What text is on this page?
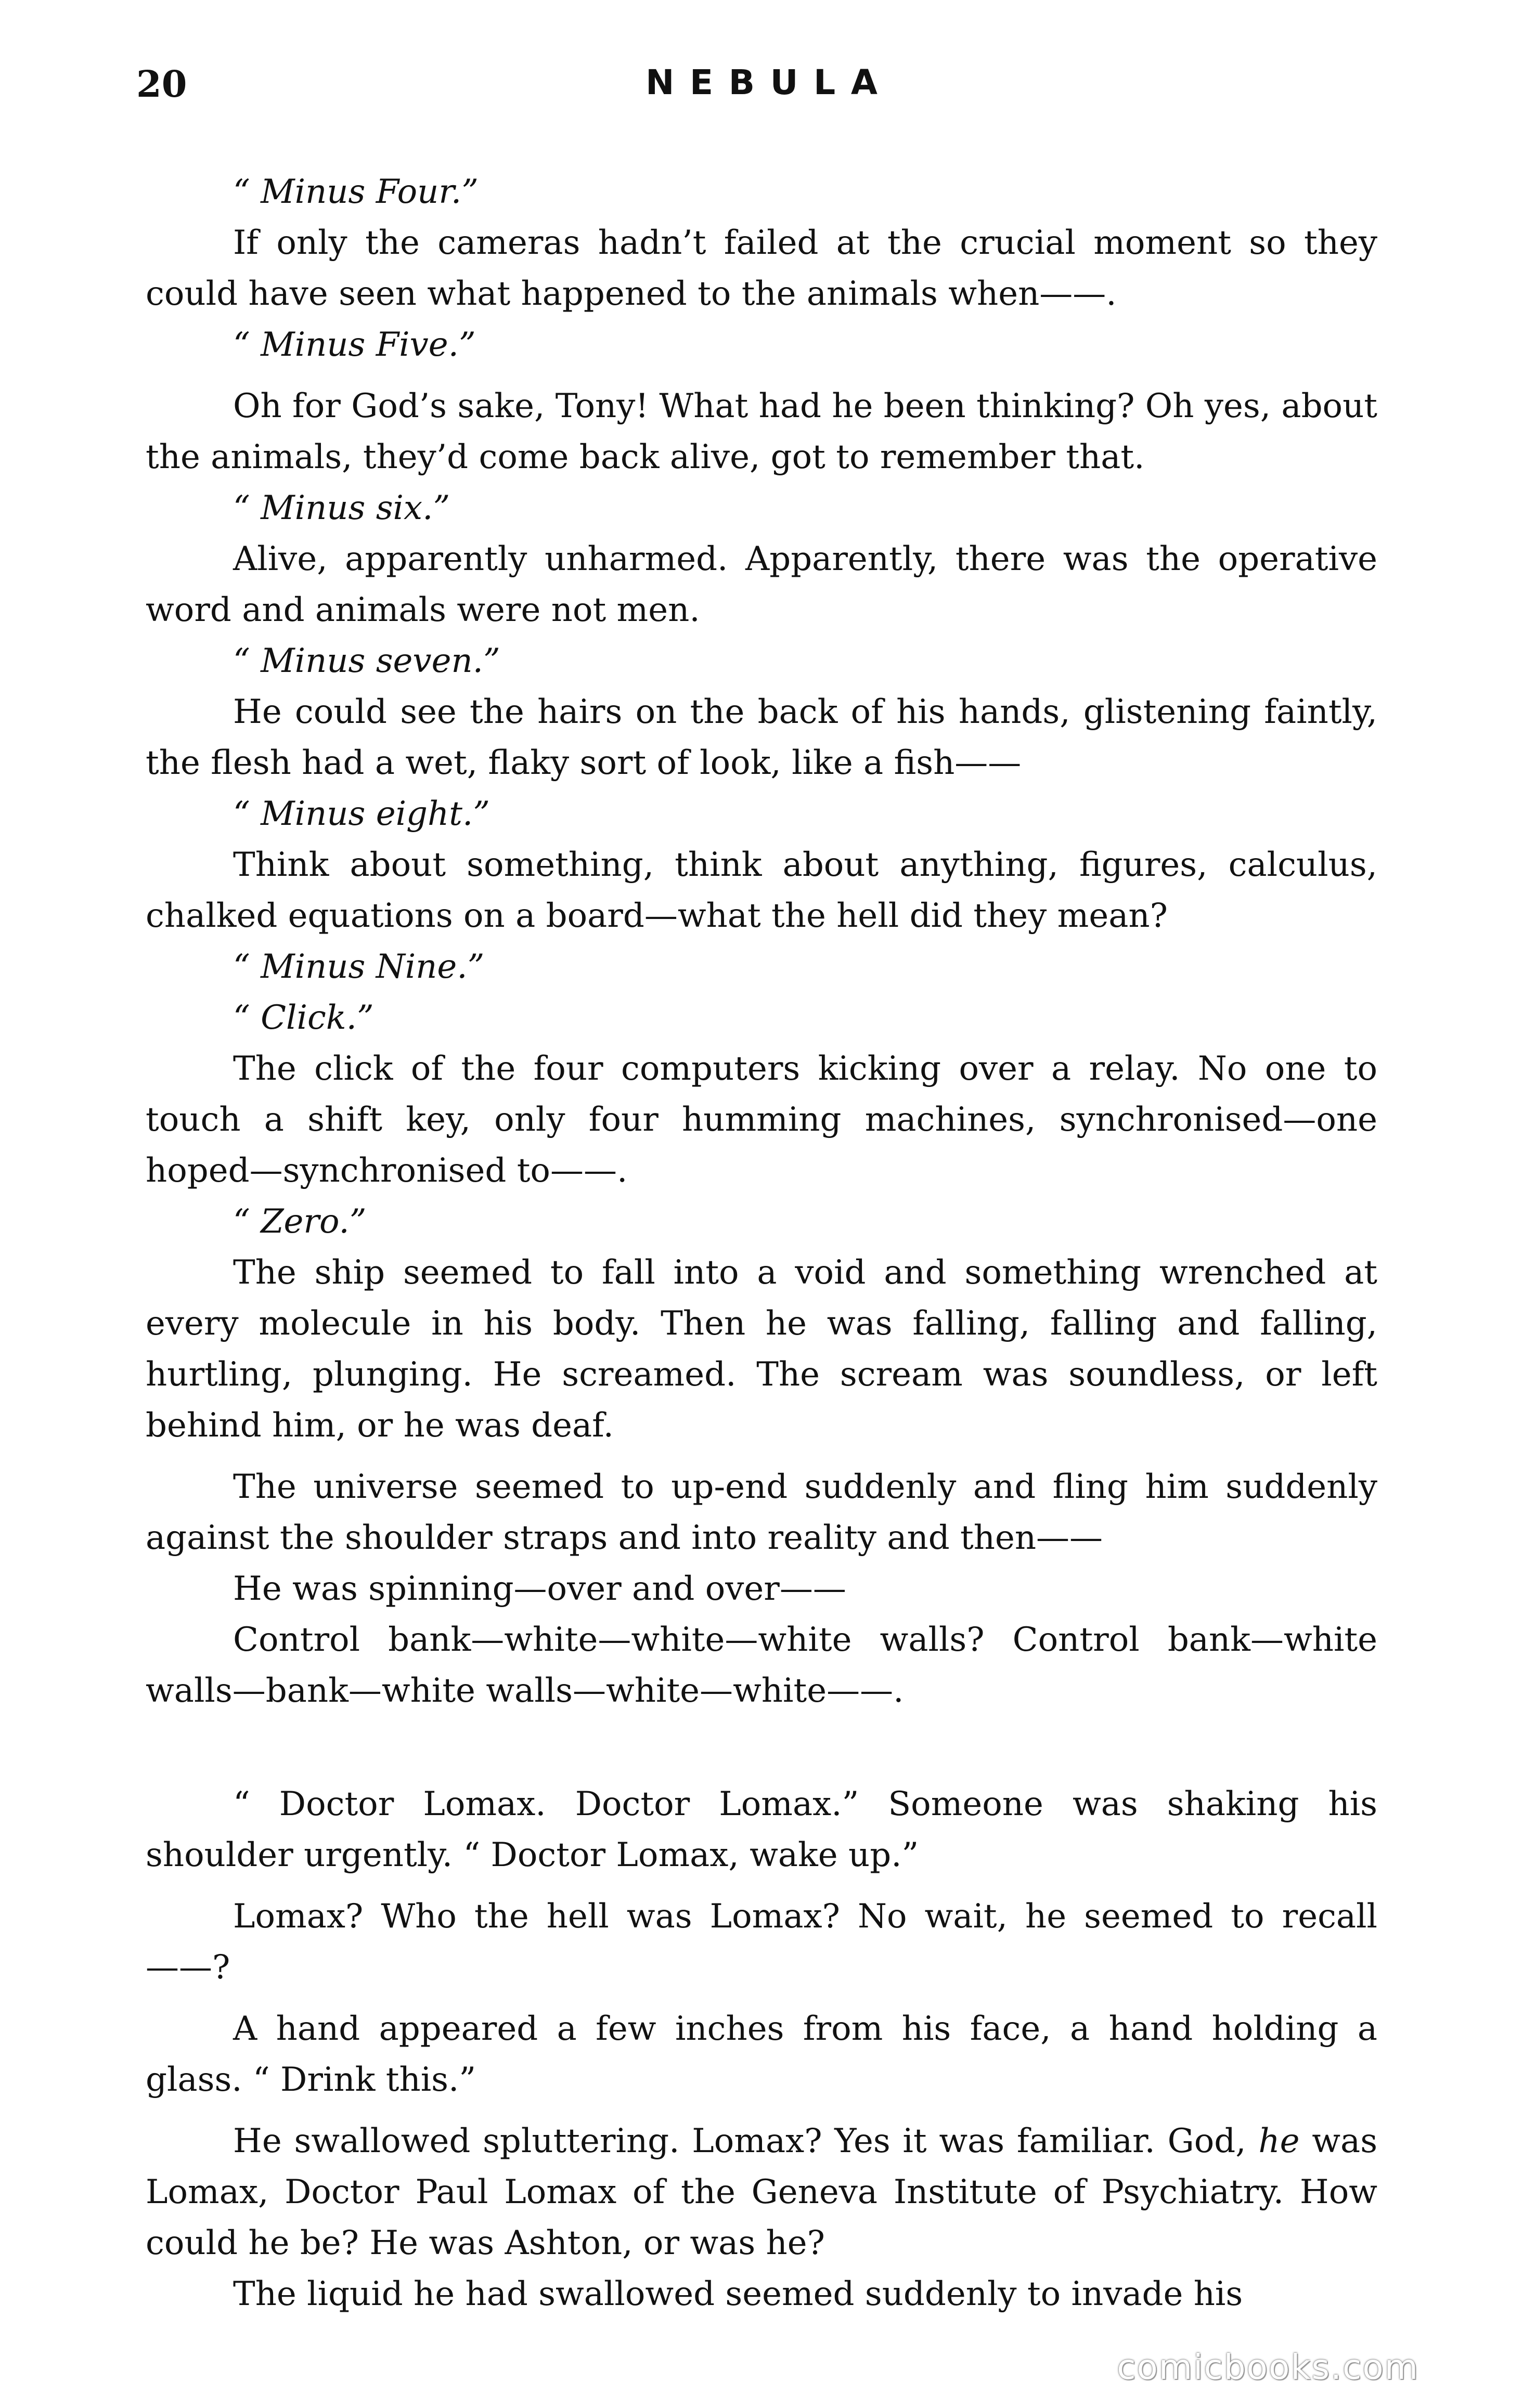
20	NEBULA

“ Minus Four.”

If only the cameras hadn’t failed at the crucial moment so they could have seen what happened to the animals when——.

“ Minus Five.”

Oh for God’s sake, Tony! What had he been thinking? Oh yes, about the animals, they’d come back alive, got to remember that.

“ Minus six.”

Alive, apparently unharmed. Apparently, there was the operative word and animals were not men.

“ Minus seven.”

He could see the hairs on the back of his hands, glistening faintly, the flesh had a wet, flaky sort of look, like a fish——

“ Minus eight.”

Think about something, think about anything, figures, calculus, chalked equations on a board—what the hell did they mean?

“ Minus Nine.”

“ Click.”

The click of the four computers kicking over a relay. No one to touch a shift key, only four humming machines, synchronised—one hoped—synchronised to——.

“ Zero.”

The ship seemed to fall into a void and something wrenched at every molecule in his body. Then he was falling, falling and falling, hurtling, plunging. He screamed. The scream was soundless, or left behind him, or he was deaf.

The universe seemed to up-end suddenly and fling him suddenly against the shoulder straps and into reality and then——

He was spinning—over and over——

Control bank—white—white—white walls? Control bank—white walls—bank—white walls—white—white——.

“ Doctor Lomax. Doctor Lomax.” Someone was shaking his shoulder urgently. “ Doctor Lomax, wake up.”

Lomax? Who the hell was Lomax? No wait, he seemed to recall——?

A hand appeared a few inches from his face, a hand holding a glass. “ Drink this.”

He swallowed spluttering. Lomax? Yes it was familiar. God, he was Lomax, Doctor Paul Lomax of the Geneva Institute of Psychiatry. How could he be? He was Ashton, or was he?

The liquid he had swallowed seemed suddenly to invade his

comicbooks.com
